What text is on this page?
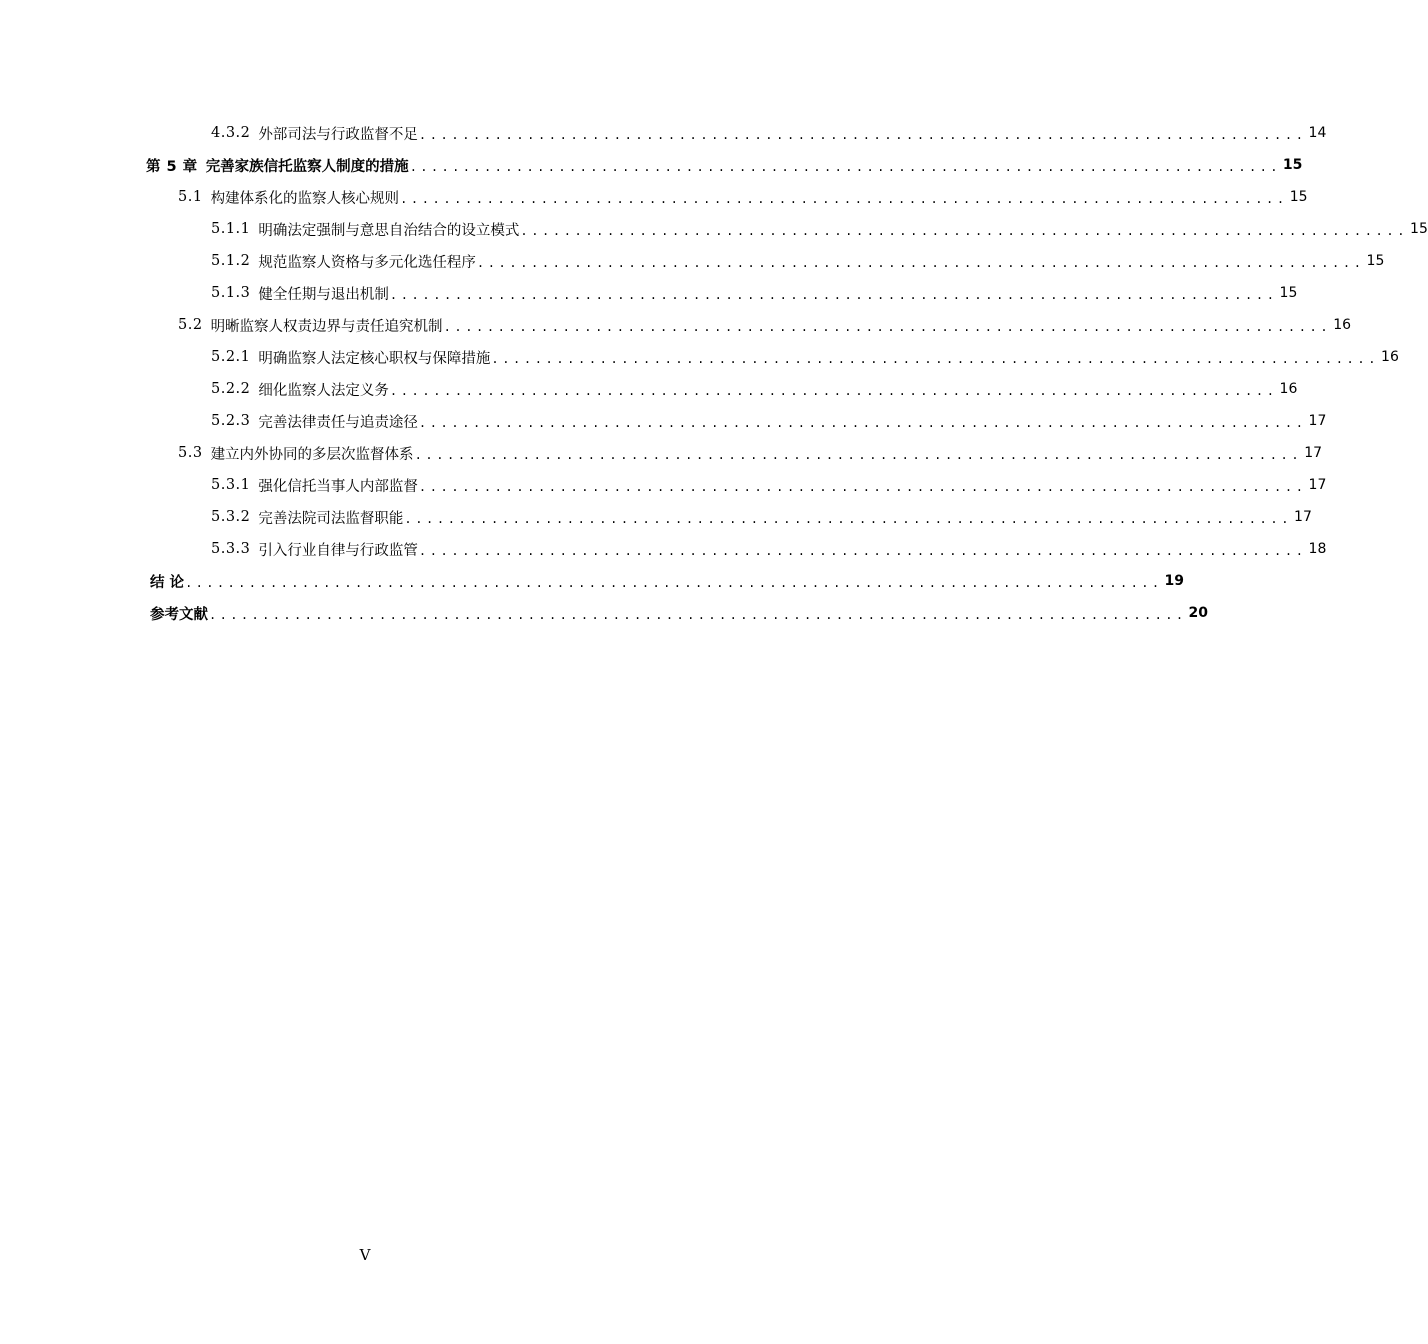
4.3.2 外部司法与行政监督不足 .................................................................................. 14
第 5 章 完善家族信托监察人制度的措施 .................................................................................. 15
5.1 构建体系化的监察人核心规则 .................................................................................. 15
5.1.1 明确法定强制与意思自治结合的设立模式 .................................................................................. 15
5.1.2 规范监察人资格与多元化选任程序 .................................................................................. 15
5.1.3 健全任期与退出机制 .................................................................................. 15
5.2 明晰监察人权责边界与责任追究机制 .................................................................................. 16
5.2.1 明确监察人法定核心职权与保障措施 .................................................................................. 16
5.2.2 细化监察人法定义务 .................................................................................. 16
5.2.3 完善法律责任与追责途径 .................................................................................. 17
5.3 建立内外协同的多层次监督体系 .................................................................................. 17
5.3.1 强化信托当事人内部监督 .................................................................................. 17
5.3.2 完善法院司法监督职能 .................................................................................. 17
5.3.3 引入行业自律与行政监管 .................................................................................. 18
结 论 ............................................................................................ 19
参考文献 ............................................................................................ 20
V
